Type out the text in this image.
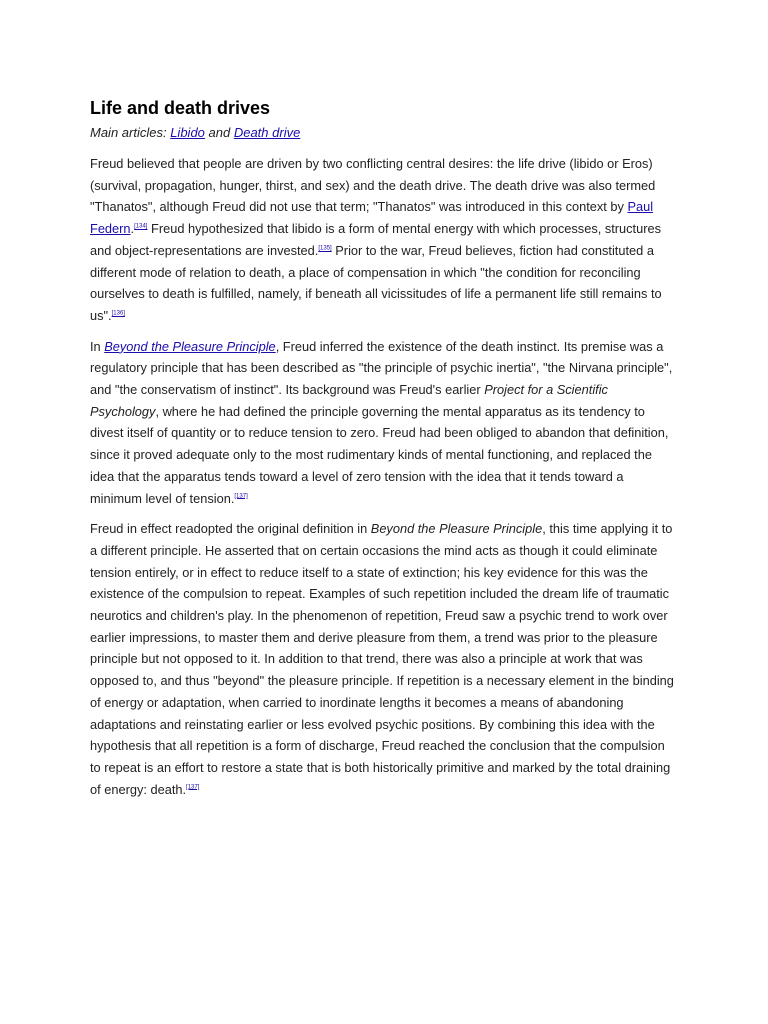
Life and death drives
Main articles: Libido and Death drive

Freud believed that people are driven by two conflicting central desires: the life drive (libido or Eros) (survival, propagation, hunger, thirst, and sex) and the death drive. The death drive was also termed "Thanatos", although Freud did not use that term; "Thanatos" was introduced in this context by Paul Federn.[134] Freud hypothesized that libido is a form of mental energy with which processes, structures and object-representations are invested.[135] Prior to the war, Freud believes, fiction had constituted a different mode of relation to death, a place of compensation in which "the condition for reconciling ourselves to death is fulfilled, namely, if beneath all vicissitudes of life a permanent life still remains to us".[136]

In Beyond the Pleasure Principle, Freud inferred the existence of the death instinct. Its premise was a regulatory principle that has been described as "the principle of psychic inertia", "the Nirvana principle", and "the conservatism of instinct". Its background was Freud's earlier Project for a Scientific Psychology, where he had defined the principle governing the mental apparatus as its tendency to divest itself of quantity or to reduce tension to zero. Freud had been obliged to abandon that definition, since it proved adequate only to the most rudimentary kinds of mental functioning, and replaced the idea that the apparatus tends toward a level of zero tension with the idea that it tends toward a minimum level of tension.[137]

Freud in effect readopted the original definition in Beyond the Pleasure Principle, this time applying it to a different principle. He asserted that on certain occasions the mind acts as though it could eliminate tension entirely, or in effect to reduce itself to a state of extinction; his key evidence for this was the existence of the compulsion to repeat. Examples of such repetition included the dream life of traumatic neurotics and children's play. In the phenomenon of repetition, Freud saw a psychic trend to work over earlier impressions, to master them and derive pleasure from them, a trend was prior to the pleasure principle but not opposed to it. In addition to that trend, there was also a principle at work that was opposed to, and thus "beyond" the pleasure principle. If repetition is a necessary element in the binding of energy or adaptation, when carried to inordinate lengths it becomes a means of abandoning adaptations and reinstating earlier or less evolved psychic positions. By combining this idea with the hypothesis that all repetition is a form of discharge, Freud reached the conclusion that the compulsion to repeat is an effort to restore a state that is both historically primitive and marked by the total draining of energy: death.[137]
